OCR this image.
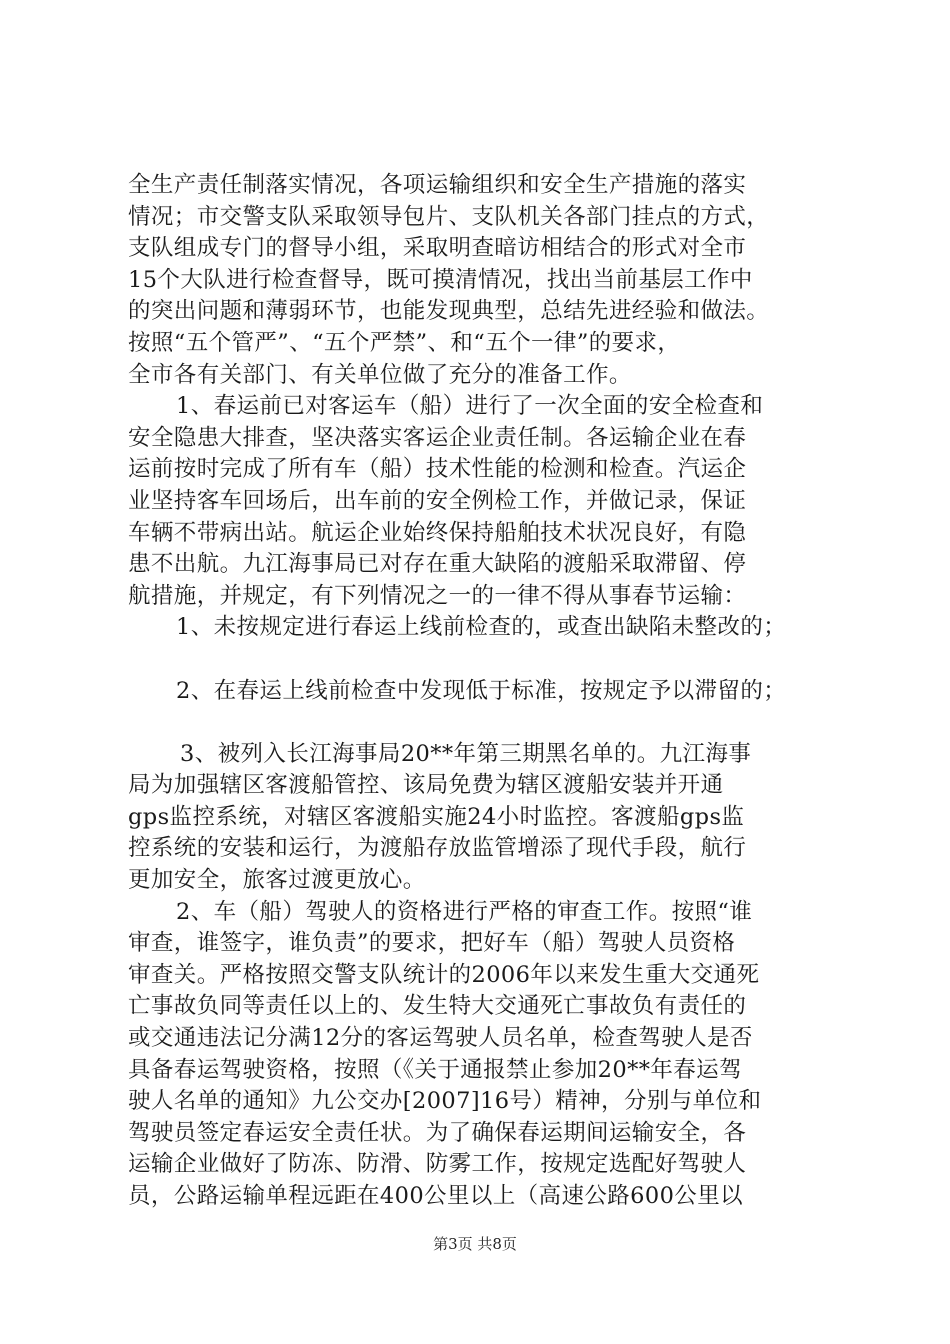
全生产责任制落实情况，各项运输组织和安全生产措施的落实
情况；市交警支队采取领导包片、支队机关各部门挂点的方式，
支队组成专门的督导小组，采取明查暗访相结合的形式对全市
15个大队进行检查督导，既可摸清情况，找出当前基层工作中
的突出问题和薄弱环节，也能发现典型，总结先进经验和做法。
按照“五个管严”、“五个严禁”、和“五个一律”的要求，
全市各有关部门、有关单位做了充分的准备工作。
1、春运前已对客运车（船）进行了一次全面的安全检查和
安全隐患大排查，坚决落实客运企业责任制。各运输企业在春
运前按时完成了所有车（船）技术性能的检测和检查。汽运企
业坚持客车回场后，出车前的安全例检工作，并做记录，保证
车辆不带病出站。航运企业始终保持船舶技术状况良好，有隐
患不出航。九江海事局已对存在重大缺陷的渡船采取滞留、停
航措施，并规定，有下列情况之一的一律不得从事春节运输：
1、未按规定进行春运上线前检查的，或查出缺陷未整改的；
2、在春运上线前检查中发现低于标准，按规定予以滞留的；
3、被列入长江海事局20**年第三期黑名单的。九江海事
局为加强辖区客渡船管控、该局免费为辖区渡船安装并开通
gps监控系统，对辖区客渡船实施24小时监控。客渡船gps监
控系统的安装和运行，为渡船存放监管增添了现代手段，航行
更加安全，旅客过渡更放心。
2、车（船）驾驶人的资格进行严格的审查工作。按照“谁
审查，谁签字，谁负责”的要求，把好车（船）驾驶人员资格
审查关。严格按照交警支队统计的2006年以来发生重大交通死
亡事故负同等责任以上的、发生特大交通死亡事故负有责任的
或交通违法记分满12分的客运驾驶人员名单，检查驾驶人是否
具备春运驾驶资格，按照（《关于通报禁止参加20**年春运驾
驶人名单的通知》九公交办[2007]16号）精神，分别与单位和
驾驶员签定春运安全责任状。为了确保春运期间运输安全，各
运输企业做好了防冻、防滑、防雾工作，按规定选配好驾驶人
员，公路运输单程远距在400公里以上（高速公路600公里以
第3页 共8页
